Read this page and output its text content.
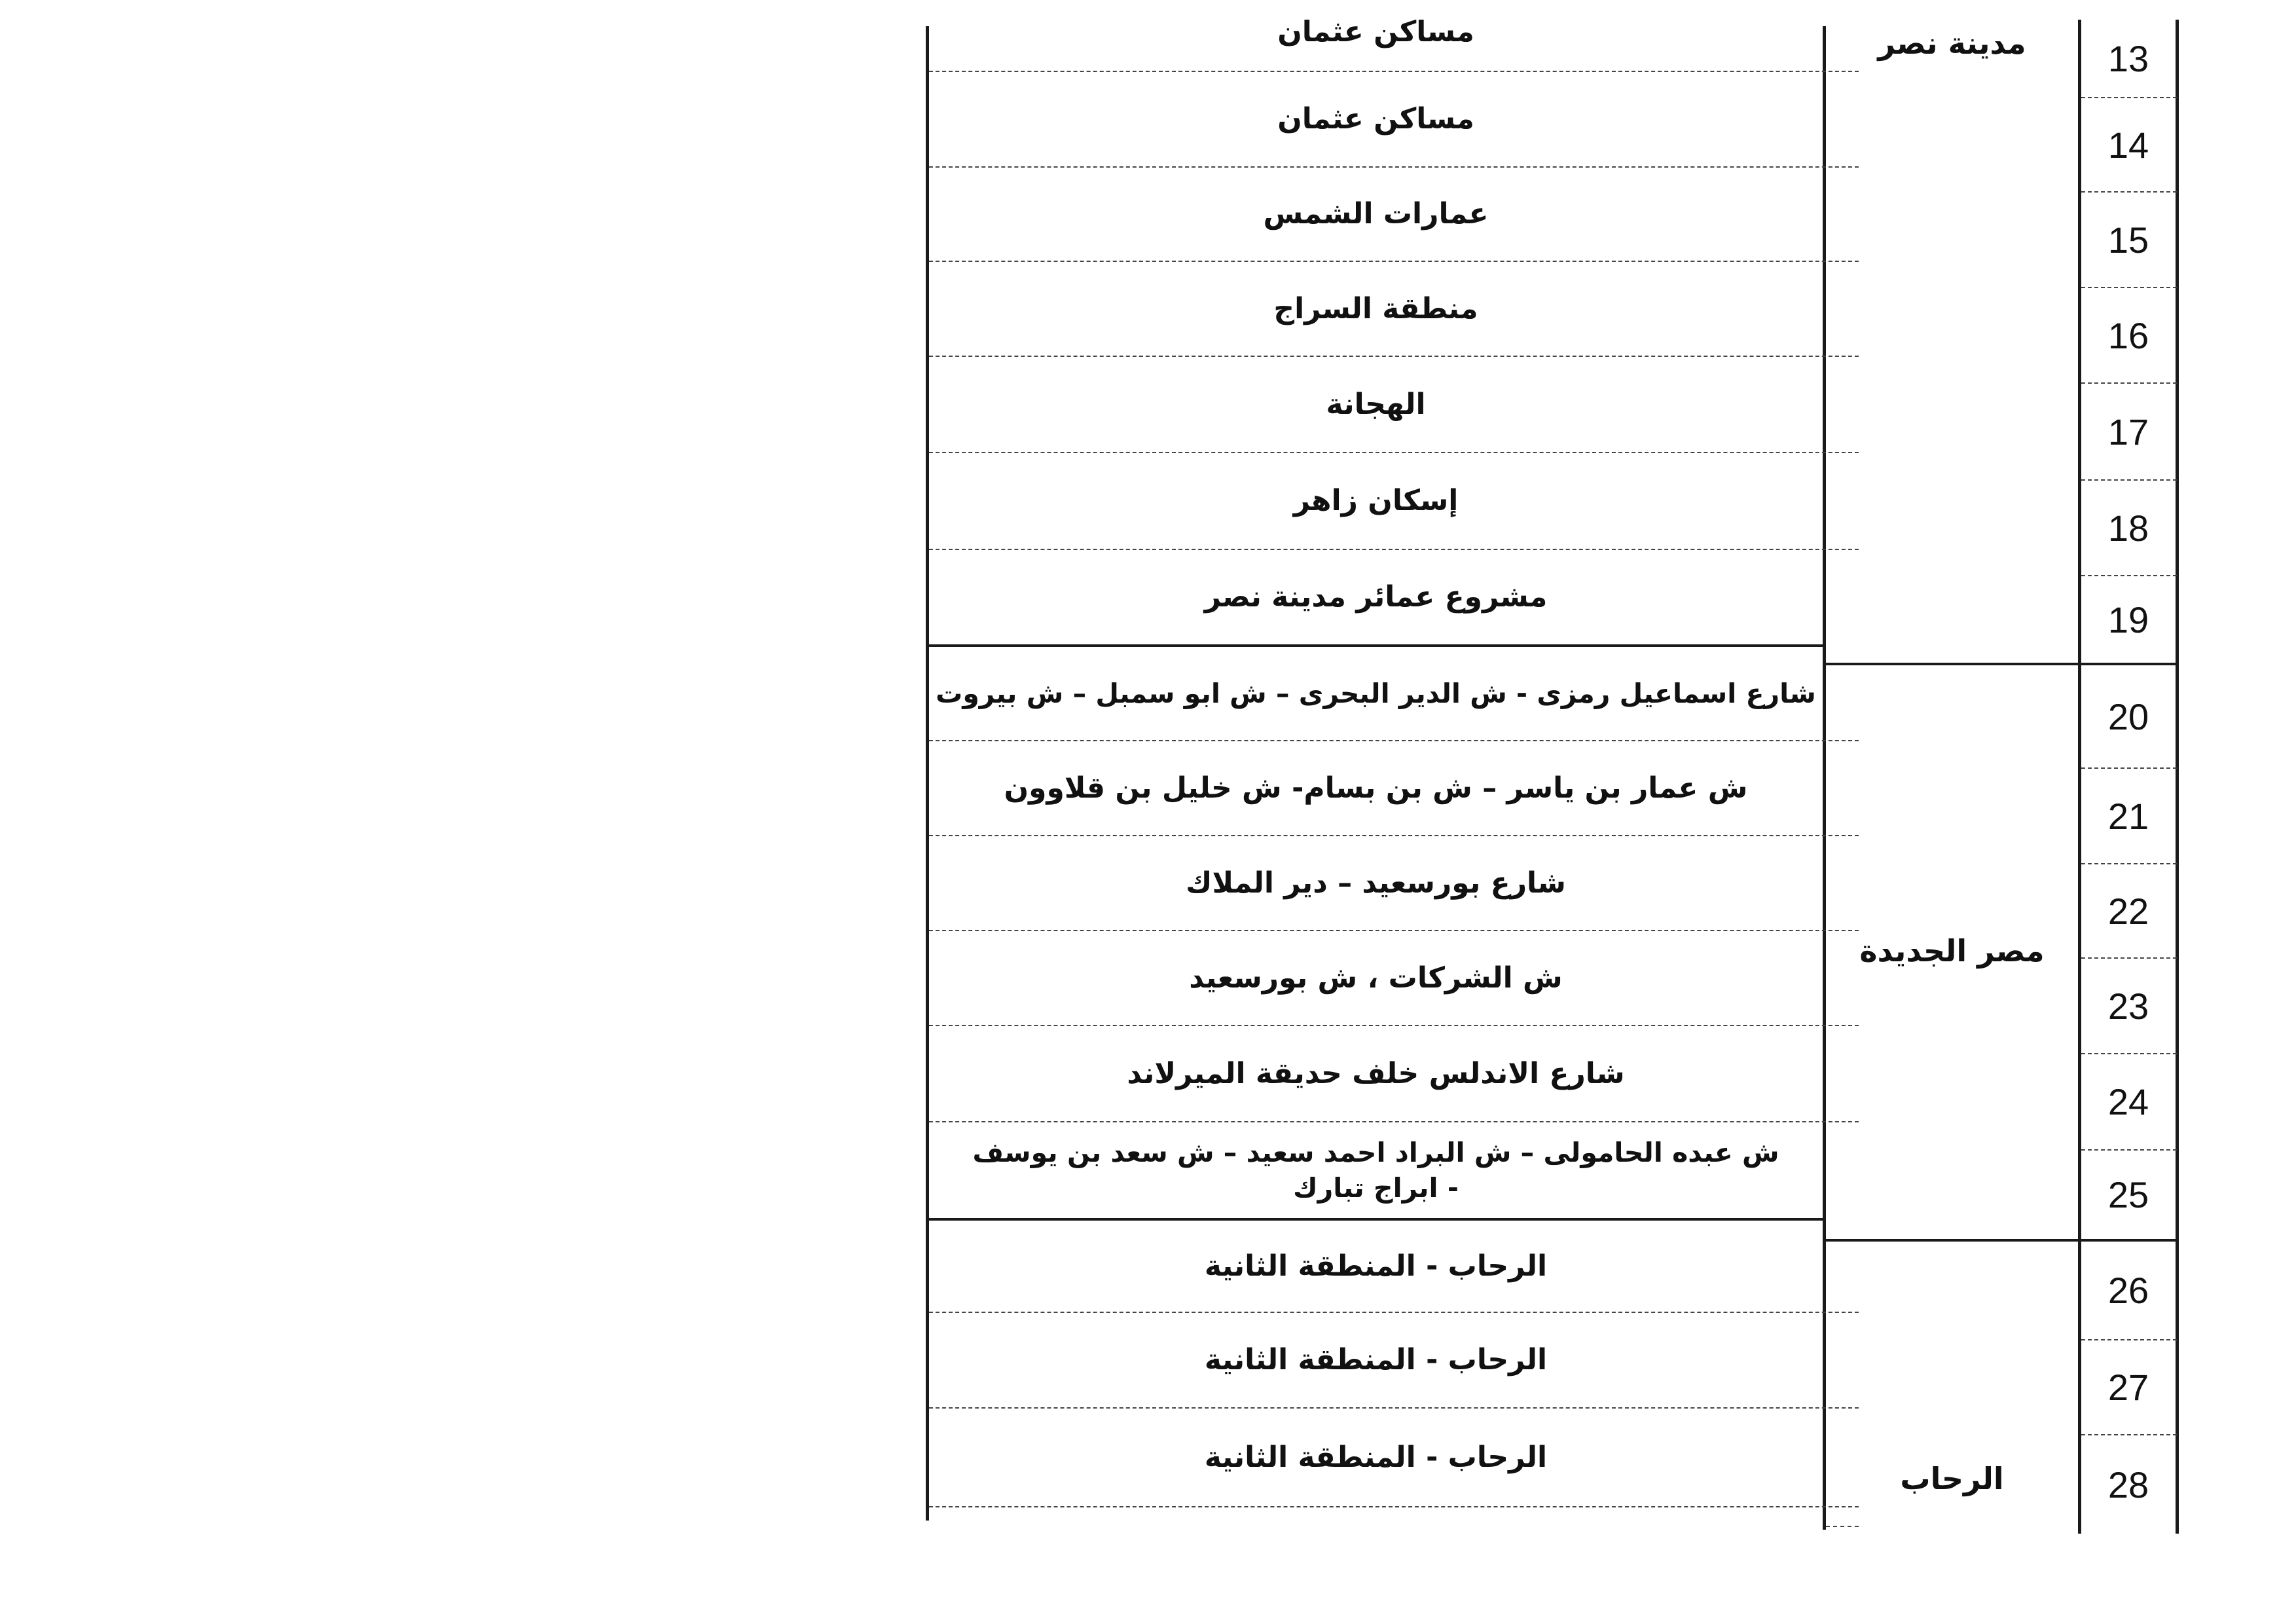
مدينة نصر
مصر الجديدة
الرحاب
مساكن عثمان
مساكن عثمان
عمارات الشمس
منطقة السراج
الهجانة
إسكان زاهر
مشروع عمائر مدينة نصر
شارع اسماعيل رمزى - ش الدير البحرى – ش ابو سمبل – ش بيروت
ش عمار بن ياسر – ش بن بسام- ش خليل بن قلاوون
شارع بورسعيد – دير الملاك
ش الشركات ، ش بورسعيد
شارع الاندلس خلف حديقة الميرلاند
ش عبده الحامولى – ش البراد احمد سعيد – ش سعد بن يوسف - ابراج تبارك
الرحاب - المنطقة الثانية
الرحاب - المنطقة الثانية
الرحاب - المنطقة الثانية
13
14
15
16
17
18
19
20
21
22
23
24
25
26
27
28
